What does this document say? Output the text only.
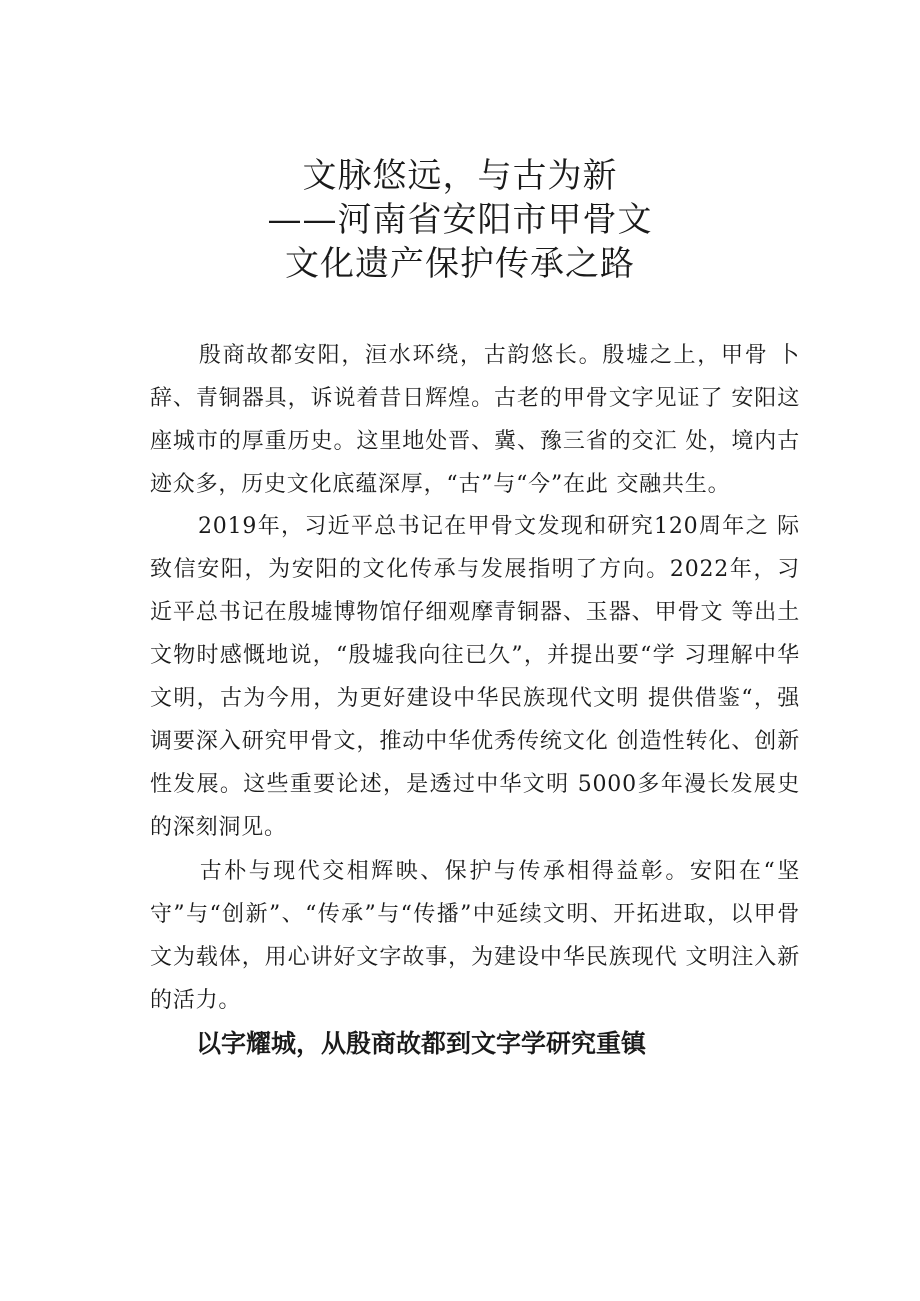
文脉悠远，与古为新
——河南省安阳市甲骨文
文化遗产保护传承之路

殷商故都安阳，洹水环绕，古韵悠长。殷墟之上，甲骨 卜辞、青铜器具，诉说着昔日辉煌。古老的甲骨文字见证了 安阳这座城市的厚重历史。这里地处晋、冀、豫三省的交汇 处，境内古迹众多，历史文化底蕴深厚，“古”与“今”在此 交融共生。

2019年，习近平总书记在甲骨文发现和研究120周年之 际致信安阳，为安阳的文化传承与发展指明了方向。2022年，习近平总书记在殷墟博物馆仔细观摩青铜器、玉器、甲骨文 等出土文物时感慨地说，“殷墟我向往已久”，并提出要“学 习理解中华文明，古为今用，为更好建设中华民族现代文明 提供借鉴“，强调要深入研究甲骨文，推动中华优秀传统文化 创造性转化、创新性发展。这些重要论述，是透过中华文明 5000多年漫长发展史的深刻洞见。

古朴与现代交相辉映、保护与传承相得益彰。安阳在“坚 守”与“创新”、“传承”与“传播”中延续文明、开拓进取，以甲骨文为载体，用心讲好文字故事，为建设中华民族现代 文明注入新的活力。

以字耀城，从殷商故都到文字学研究重镇
